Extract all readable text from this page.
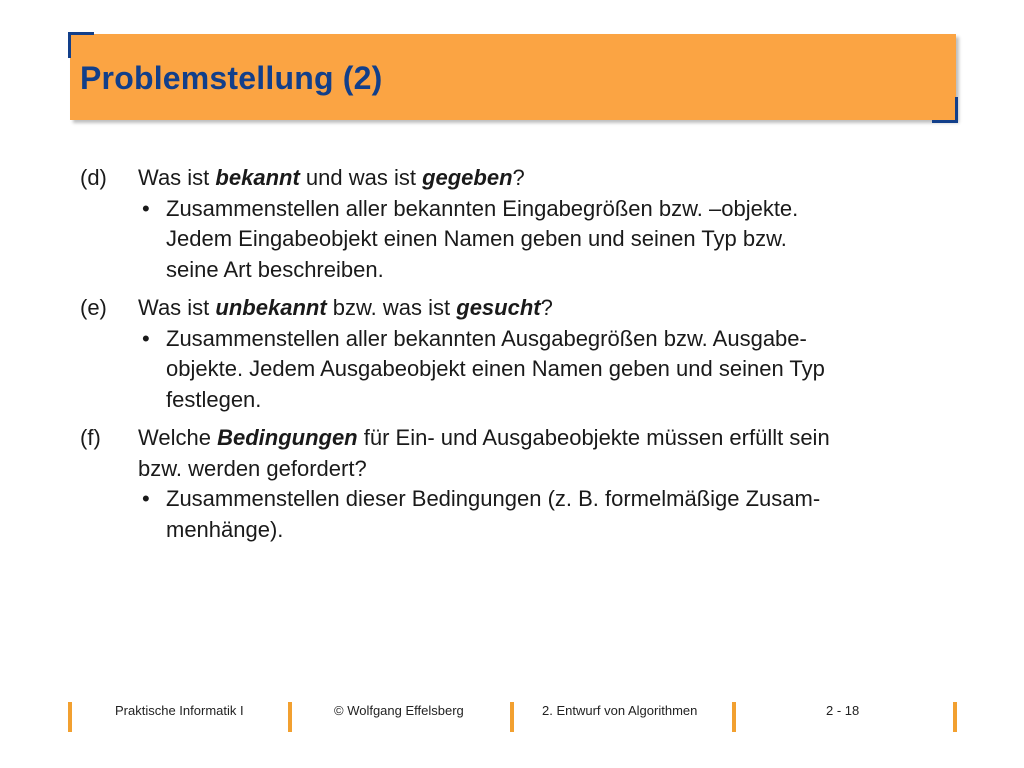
Problemstellung (2)
(d) Was ist bekannt und was ist gegeben?
• Zusammenstellen aller bekannten Eingabegrößen bzw. –objekte.
Jedem Eingabeobjekt einen Namen geben und seinen Typ bzw.
seine Art beschreiben.
(e) Was ist unbekannt bzw. was ist gesucht?
• Zusammenstellen aller bekannten Ausgabegrößen bzw. Ausgabe-
objekte. Jedem Ausgabeobjekt einen Namen geben und seinen Typ
festlegen.
(f) Welche Bedingungen für Ein- und Ausgabeobjekte müssen erfüllt sein
bzw. werden gefordert?
• Zusammenstellen dieser Bedingungen (z. B. formelmäßige Zusam-
menhänge).
Praktische Informatik I	© Wolfgang Effelsberg	2. Entwurf von Algorithmen	2 - 18
